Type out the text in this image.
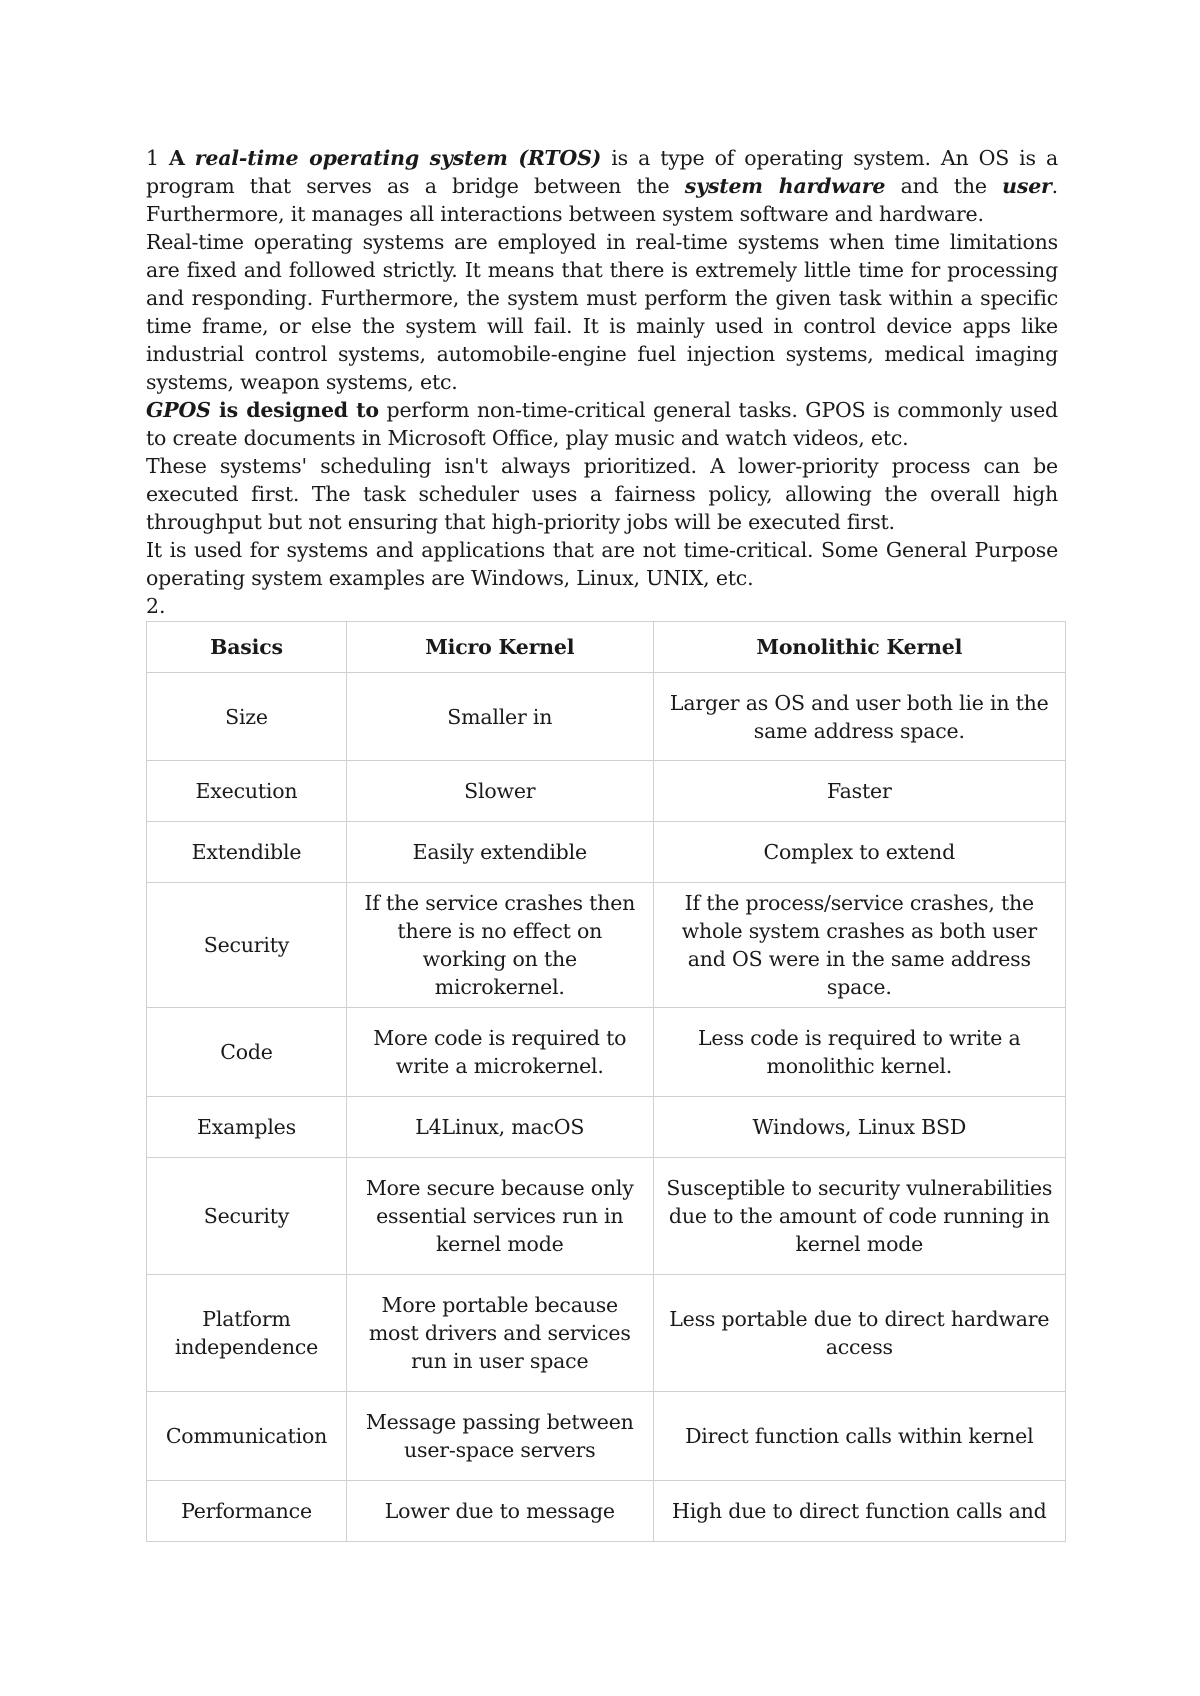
1 A real-time operating system (RTOS) is a type of operating system. An OS is a program that serves as a bridge between the system hardware and the user. Furthermore, it manages all interactions between system software and hardware.

Real-time operating systems are employed in real-time systems when time limitations are fixed and followed strictly. It means that there is extremely little time for processing and responding. Furthermore, the system must perform the given task within a specific time frame, or else the system will fail. It is mainly used in control device apps like industrial control systems, automobile-engine fuel injection systems, medical imaging systems, weapon systems, etc.

GPOS is designed to perform non-time-critical general tasks. GPOS is commonly used to create documents in Microsoft Office, play music and watch videos, etc.

These systems' scheduling isn't always prioritized. A lower-priority process can be executed first. The task scheduler uses a fairness policy, allowing the overall high throughput but not ensuring that high-priority jobs will be executed first.

It is used for systems and applications that are not time-critical. Some General Purpose operating system examples are Windows, Linux, UNIX, etc.

2.

Basics	Micro Kernel	Monolithic Kernel
Size	Smaller in	Larger as OS and user both lie in the same address space.
Execution	Slower	Faster
Extendible	Easily extendible	Complex to extend
Security	If the service crashes then there is no effect on working on the microkernel.	If the process/service crashes, the whole system crashes as both user and OS were in the same address space.
Code	More code is required to write a microkernel.	Less code is required to write a monolithic kernel.
Examples	L4Linux, macOS	Windows, Linux BSD
Security	More secure because only essential services run in kernel mode	Susceptible to security vulnerabilities due to the amount of code running in kernel mode
Platform independence	More portable because most drivers and services run in user space	Less portable due to direct hardware access
Communication	Message passing between user-space servers	Direct function calls within kernel
Performance	Lower due to message	High due to direct function calls and
